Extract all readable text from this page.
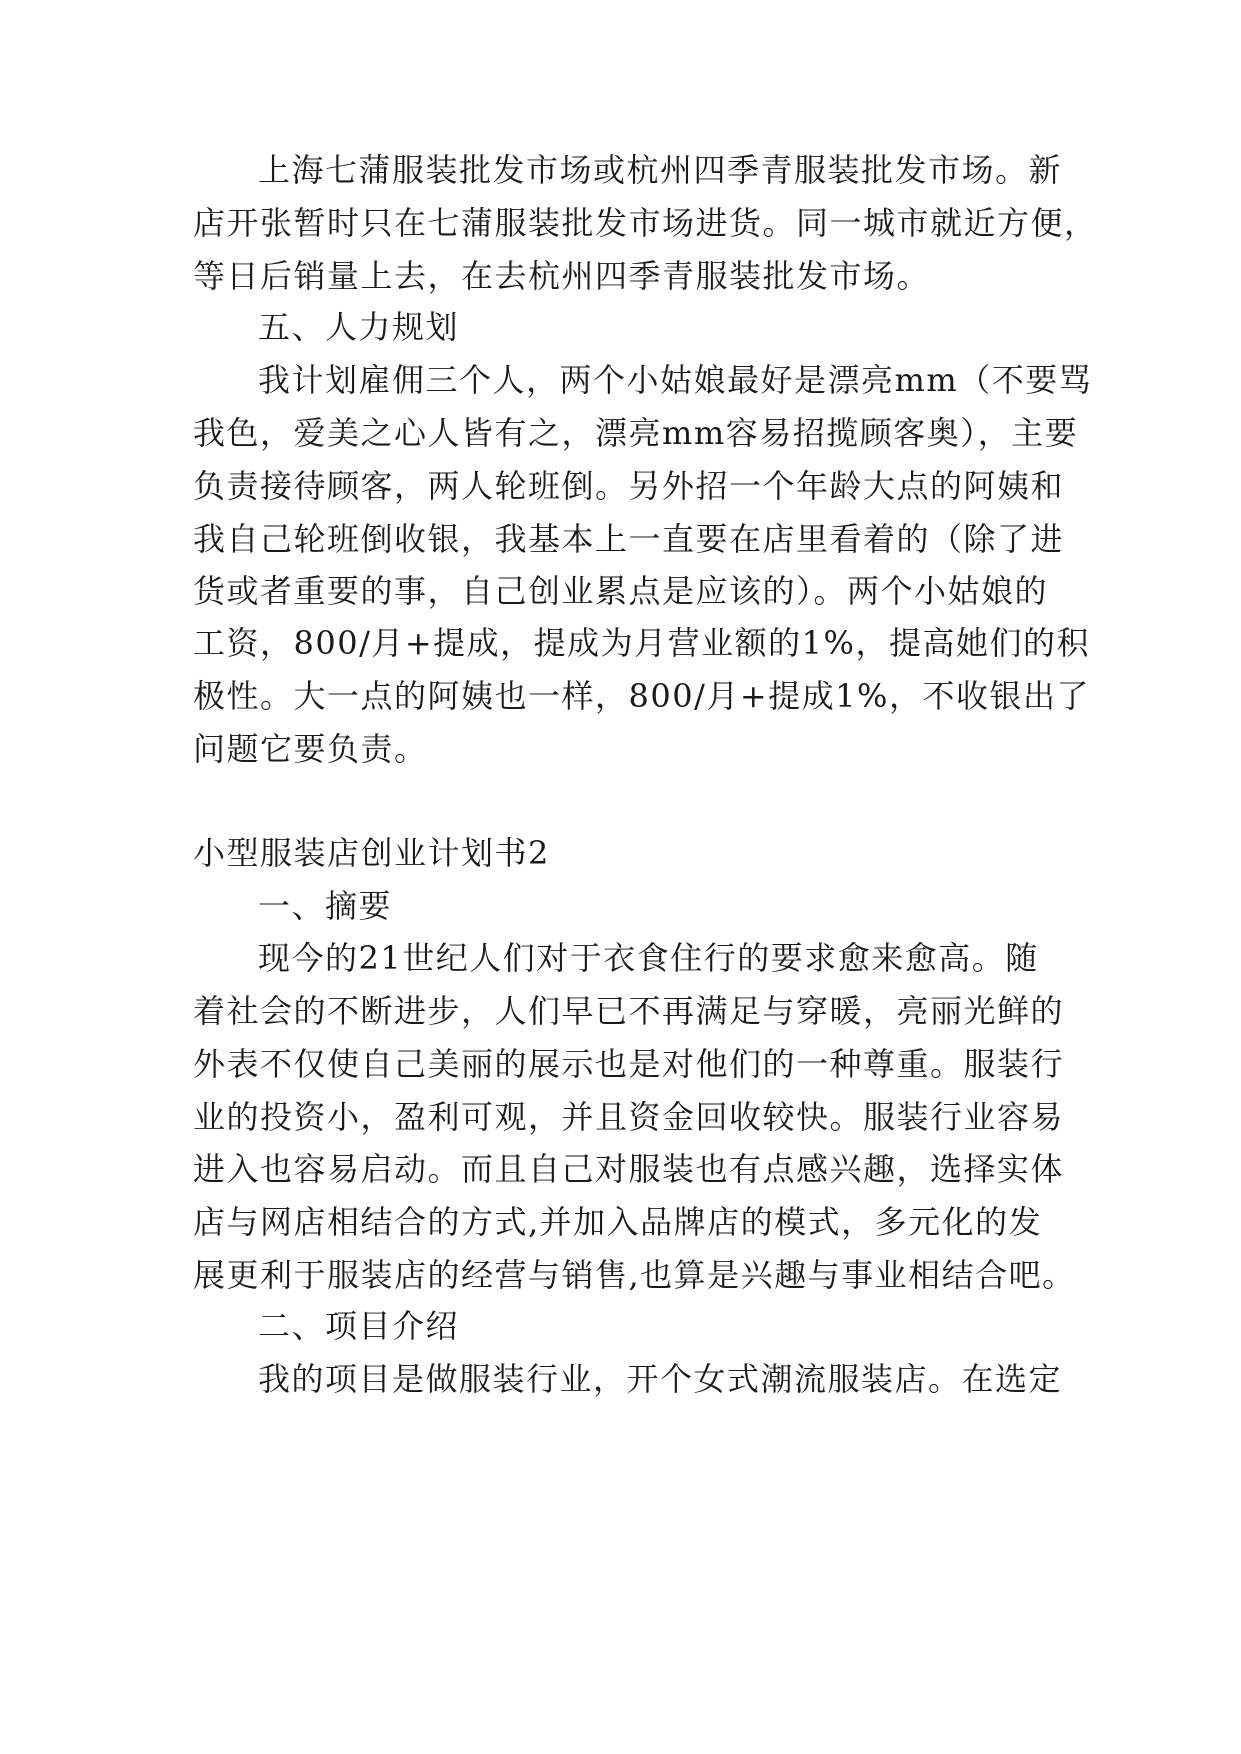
上海七蒲服装批发市场或杭州四季青服装批发市场。新
店开张暂时只在七蒲服装批发市场进货。同一城市就近方便，
等日后销量上去，在去杭州四季青服装批发市场。
五、人力规划
我计划雇佣三个人，两个小姑娘最好是漂亮mm（不要骂
我色，爱美之心人皆有之，漂亮mm容易招揽顾客奥），主要
负责接待顾客，两人轮班倒。另外招一个年龄大点的阿姨和
我自己轮班倒收银，我基本上一直要在店里看着的（除了进
货或者重要的事，自己创业累点是应该的）。两个小姑娘的
工资，800/月+提成，提成为月营业额的1%，提高她们的积
极性。大一点的阿姨也一样，800/月+提成1%，不收银出了
问题它要负责。
小型服装店创业计划书2
一、摘要
现今的21世纪人们对于衣食住行的要求愈来愈高。随
着社会的不断进步，人们早已不再满足与穿暖，亮丽光鲜的
外表不仅使自己美丽的展示也是对他们的一种尊重。服装行
业的投资小，盈利可观，并且资金回收较快。服装行业容易
进入也容易启动。而且自己对服装也有点感兴趣，选择实体
店与网店相结合的方式,并加入品牌店的模式，多元化的发
展更利于服装店的经营与销售,也算是兴趣与事业相结合吧。
二、项目介绍
我的项目是做服装行业，开个女式潮流服装店。在选定
